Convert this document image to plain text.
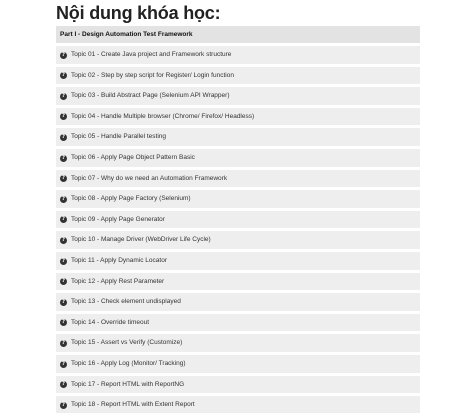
Nội dung khóa học:
Part I - Design Automation Test Framework
? Topic 01 - Create Java project and Framework structure
? Topic 02 - Step by step script for Register/ Login function
? Topic 03 - Build Abstract Page (Selenium API Wrapper)
? Topic 04 - Handle Multiple browser (Chrome/ Firefox/ Headless)
? Topic 05 - Handle Parallel testing
? Topic 06 - Apply Page Object Pattern Basic
? Topic 07 - Why do we need an Automation Framework
? Topic 08 - Apply Page Factory (Selenium)
? Topic 09 - Apply Page Generator
? Topic 10 - Manage Driver (WebDriver Life Cycle)
? Topic 11 - Apply Dynamic Locator
? Topic 12 - Apply Rest Parameter
? Topic 13 - Check element undisplayed
? Topic 14 - Override timeout
? Topic 15 - Assert vs Verify (Customize)
? Topic 16 - Apply Log (Monitor/ Tracking)
? Topic 17 - Report HTML with ReportNG
? Topic 18 - Report HTML with Extent Report
